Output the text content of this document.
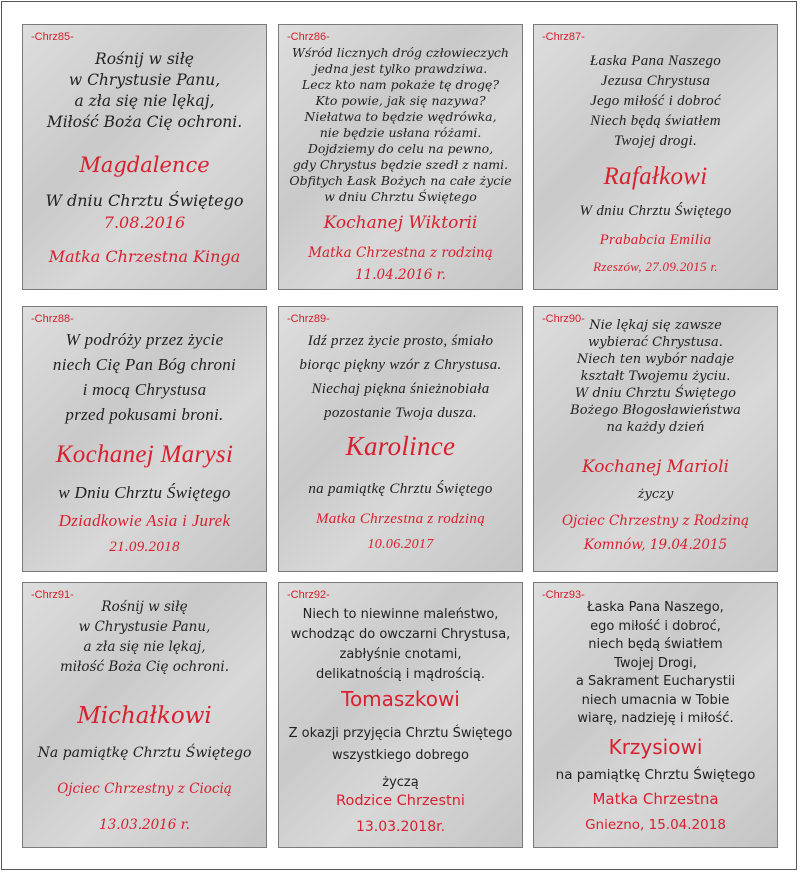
-Chrz85-
Rośnij w siłę
w Chrystusie Panu,
a zła się nie lękaj,
Miłość Boża Cię ochroni.
Magdalence
W dniu Chrztu Świętego
7.08.2016
Matka Chrzestna Kinga
-Chrz86-
Wśród licznych dróg człowieczych
jedna jest tylko prawdziwa.
Lecz kto nam pokaże tę drogę?
Kto powie, jak się nazywa?
Niełatwa to będzie wędrówka,
nie będzie usłana różami.
Dojdziemy do celu na pewno,
gdy Chrystus będzie szedł z nami.
Obfitych Łask Bożych na całe życie
w dniu Chrztu Świętego
Kochanej Wiktorii
Matka Chrzestna z rodziną
11.04.2016 r.
-Chrz87-
Łaska Pana Naszego
Jezusa Chrystusa
Jego miłość i dobroć
Niech będą światłem
Twojej drogi.
Rafałkowi
W dniu Chrztu Świętego
Prababcia Emilia
Rzeszów, 27.09.2015 r.
-Chrz88-
W podróży przez życie
niech Cię Pan Bóg chroni
i mocą Chrystusa
przed pokusami broni.
Kochanej Marysi
w Dniu Chrztu Świętego
Dziadkowie Asia i Jurek
21.09.2018
-Chrz89-
Idź przez życie prosto, śmiało
biorąc piękny wzór z Chrystusa.
Niechaj piękna śnieżnobiała
pozostanie Twoja dusza.
Karolince
na pamiątkę Chrztu Świętego
Matka Chrzestna z rodziną
10.06.2017
-Chrz90- Nie lękaj się zawsze
wybierać Chrystusa.
Niech ten wybór nadaje
kształt Twojemu życiu.
W dniu Chrztu Świętego
Bożego Błogosławieństwa
na każdy dzień
Kochanej Marioli
życzy
Ojciec Chrzestny z Rodziną
Komnów, 19.04.2015
-Chrz91-
Rośnij w siłę
w Chrystusie Panu,
a zła się nie lękaj,
miłość Boża Cię ochroni.
Michałkowi
Na pamiątkę Chrztu Świętego
Ojciec Chrzestny z Ciocią
13.03.2016 r.
-Chrz92-
Niech to niewinne maleństwo,
wchodząc do owczarni Chrystusa,
zabłyśnie cnotami,
delikatnością i mądrością.
Tomaszkowi
Z okazji przyjęcia Chrztu Świętego
wszystkiego dobrego
życzą
Rodzice Chrzestni
13.03.2018r.
-Chrz93-
Łaska Pana Naszego,
ego miłość i dobroć,
niech będą światłem
Twojej Drogi,
a Sakrament Eucharystii
niech umacnia w Tobie
wiarę, nadzieję i miłość.
Krzysiowi
na pamiątkę Chrztu Świętego
Matka Chrzestna
Gniezno, 15.04.2018
